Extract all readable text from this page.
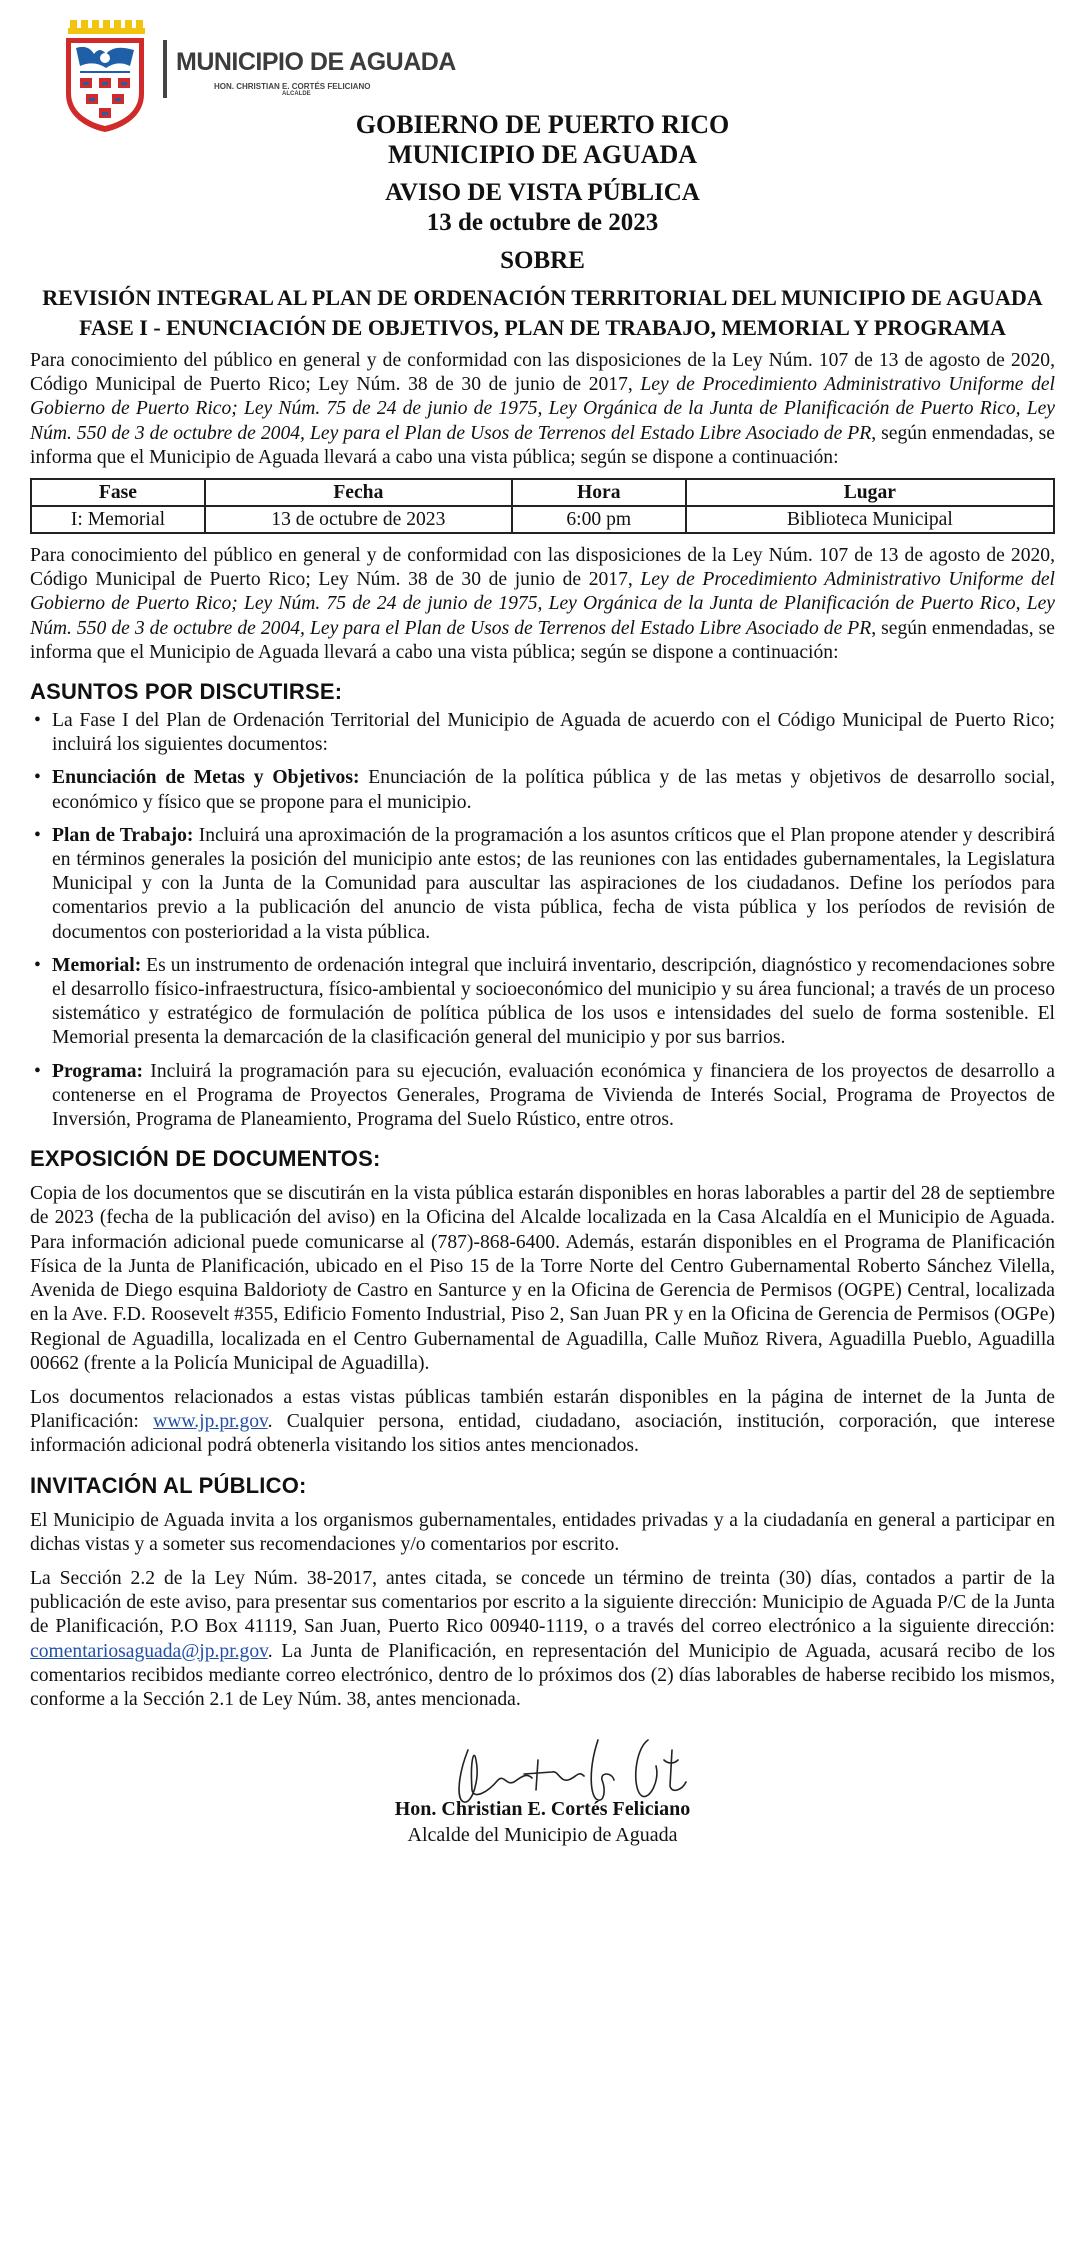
MUNICIPIO DE AGUADA
HON. CHRISTIAN E. CORTÉS FELICIANO
ALCALDE
GOBIERNO DE PUERTO RICO
MUNICIPIO DE AGUADA
AVISO DE VISTA PÚBLICA
13 de octubre de 2023
SOBRE
REVISIÓN INTEGRAL AL PLAN DE ORDENACIÓN TERRITORIAL DEL MUNICIPIO DE AGUADA
FASE I - ENUNCIACIÓN DE OBJETIVOS, PLAN DE TRABAJO, MEMORIAL Y PROGRAMA

Para conocimiento del público en general y de conformidad con las disposiciones de la Ley Núm. 107 de 13 de agosto de 2020, Código Municipal de Puerto Rico; Ley Núm. 38 de 30 de junio de 2017, Ley de Procedimiento Administrativo Uniforme del Gobierno de Puerto Rico; Ley Núm. 75 de 24 de junio de 1975, Ley Orgánica de la Junta de Planificación de Puerto Rico, Ley Núm. 550 de 3 de octubre de 2004, Ley para el Plan de Usos de Terrenos del Estado Libre Asociado de PR, según enmendadas, se informa que el Municipio de Aguada llevará a cabo una vista pública; según se dispone a continuación:

Fase	Fecha	Hora	Lugar
I: Memorial	13 de octubre de 2023	6:00 pm	Biblioteca Municipal

Para conocimiento del público en general y de conformidad con las disposiciones de la Ley Núm. 107 de 13 de agosto de 2020, Código Municipal de Puerto Rico; Ley Núm. 38 de 30 de junio de 2017, Ley de Procedimiento Administrativo Uniforme del Gobierno de Puerto Rico; Ley Núm. 75 de 24 de junio de 1975, Ley Orgánica de la Junta de Planificación de Puerto Rico, Ley Núm. 550 de 3 de octubre de 2004, Ley para el Plan de Usos de Terrenos del Estado Libre Asociado de PR, según enmendadas, se informa que el Municipio de Aguada llevará a cabo una vista pública; según se dispone a continuación:

ASUNTOS POR DISCUTIRSE:
• La Fase I del Plan de Ordenación Territorial del Municipio de Aguada de acuerdo con el Código Municipal de Puerto Rico; incluirá los siguientes documentos:
• Enunciación de Metas y Objetivos: Enunciación de la política pública y de las metas y objetivos de desarrollo social, económico y físico que se propone para el municipio.
• Plan de Trabajo: Incluirá una aproximación de la programación a los asuntos críticos que el Plan propone atender y describirá en términos generales la posición del municipio ante estos; de las reuniones con las entidades gubernamentales, la Legislatura Municipal y con la Junta de la Comunidad para auscultar las aspiraciones de los ciudadanos. Define los períodos para comentarios previo a la publicación del anuncio de vista pública, fecha de vista pública y los períodos de revisión de documentos con posterioridad a la vista pública.
• Memorial: Es un instrumento de ordenación integral que incluirá inventario, descripción, diagnóstico y recomendaciones sobre el desarrollo físico-infraestructura, físico-ambiental y socioeconómico del municipio y su área funcional; a través de un proceso sistemático y estratégico de formulación de política pública de los usos e intensidades del suelo de forma sostenible. El Memorial presenta la demarcación de la clasificación general del municipio y por sus barrios.
• Programa: Incluirá la programación para su ejecución, evaluación económica y financiera de los proyectos de desarrollo a contenerse en el Programa de Proyectos Generales, Programa de Vivienda de Interés Social, Programa de Proyectos de Inversión, Programa de Planeamiento, Programa del Suelo Rústico, entre otros.
EXPOSICIÓN DE DOCUMENTOS:

Copia de los documentos que se discutirán en la vista pública estarán disponibles en horas laborables a partir del 28 de septiembre de 2023 (fecha de la publicación del aviso) en la Oficina del Alcalde localizada en la Casa Alcaldía en el Municipio de Aguada. Para información adicional puede comunicarse al (787)-868-6400. Además, estarán disponibles en el Programa de Planificación Física de la Junta de Planificación, ubicado en el Piso 15 de la Torre Norte del Centro Gubernamental Roberto Sánchez Vilella, Avenida de Diego esquina Baldorioty de Castro en Santurce y en la Oficina de Gerencia de Permisos (OGPE) Central, localizada en la Ave. F.D. Roosevelt #355, Edificio Fomento Industrial, Piso 2, San Juan PR y en la Oficina de Gerencia de Permisos (OGPe) Regional de Aguadilla, localizada en el Centro Gubernamental de Aguadilla, Calle Muñoz Rivera, Aguadilla Pueblo, Aguadilla 00662 (frente a la Policía Municipal de Aguadilla).

Los documentos relacionados a estas vistas públicas también estarán disponibles en la página de internet de la Junta de Planificación: www.jp.pr.gov. Cualquier persona, entidad, ciudadano, asociación, institución, corporación, que interese información adicional podrá obtenerla visitando los sitios antes mencionados.

INVITACIÓN AL PÚBLICO:

El Municipio de Aguada invita a los organismos gubernamentales, entidades privadas y a la ciudadanía en general a participar en dichas vistas y a someter sus recomendaciones y/o comentarios por escrito.

La Sección 2.2 de la Ley Núm. 38-2017, antes citada, se concede un término de treinta (30) días, contados a partir de la publicación de este aviso, para presentar sus comentarios por escrito a la siguiente dirección: Municipio de Aguada P/C de la Junta de Planificación, P.O Box 41119, San Juan, Puerto Rico 00940-1119, o a través del correo electrónico a la siguiente dirección: comentariosaguada@jp.pr.gov. La Junta de Planificación, en representación del Municipio de Aguada, acusará recibo de los comentarios recibidos mediante correo electrónico, dentro de lo próximos dos (2) días laborables de haberse recibido los mismos, conforme a la Sección 2.1 de Ley Núm. 38, antes mencionada.

Hon. Christian E. Cortés Feliciano
Alcalde del Municipio de Aguada
